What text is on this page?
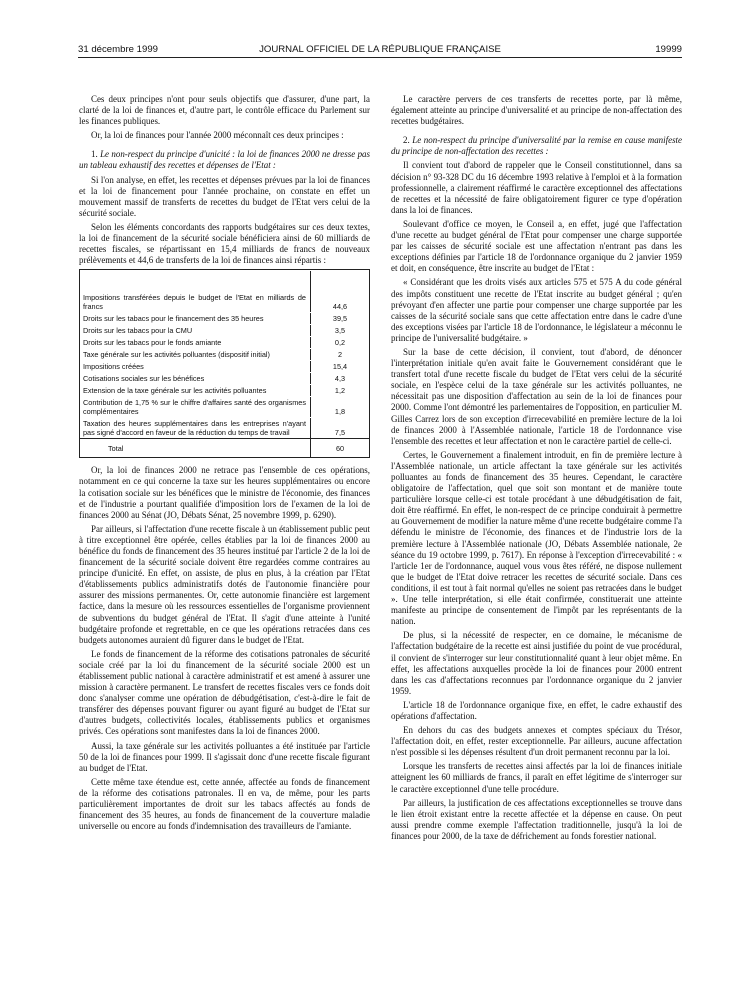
31 décembre 1999	JOURNAL OFFICIEL DE LA RÉPUBLIQUE FRANÇAISE	19999

Ces deux principes n'ont pour seuls objectifs que d'assurer, d'une part, la clarté de la loi de finances et, d'autre part, le contrôle efficace du Parlement sur les finances publiques.

Or, la loi de finances pour l'année 2000 méconnaît ces deux principes :

1. Le non-respect du principe d'unicité : la loi de finances 2000 ne dresse pas un tableau exhaustif des recettes et dépenses de l'Etat :

Si l'on analyse, en effet, les recettes et dépenses prévues par la loi de finances et la loi de financement pour l'année prochaine, on constate en effet un mouvement massif de transferts de recettes du budget de l'Etat vers celui de la sécurité sociale.

Selon les éléments concordants des rapports budgétaires sur ces deux textes, la loi de financement de la sécurité sociale bénéficiera ainsi de 60 milliards de recettes fiscales, se répartissant en 15,4 milliards de francs de nouveaux prélèvements et 44,6 de transferts de la loi de finances ainsi répartis :

Impositions transférées depuis le budget de l'Etat en milliards de francs	44,6
Droits sur les tabacs pour le financement des 35 heures	39,5
Droits sur les tabacs pour la CMU	3,5
Droits sur les tabacs pour le fonds amiante	0,2
Taxe générale sur les activités polluantes (dispositif initial)	2
Impositions créées	15,4
Cotisations sociales sur les bénéfices	4,3
Extension de la taxe générale sur les activités polluantes	1,2
Contribution de 1,75 % sur le chiffre d'affaires santé des organismes complémentaires	1,8
Taxation des heures supplémentaires dans les entreprises n'ayant pas signé d'accord en faveur de la réduction du temps de travail	7,5
Total	60

Or, la loi de finances 2000 ne retrace pas l'ensemble de ces opérations, notamment en ce qui concerne la taxe sur les heures supplémentaires ou encore la cotisation sociale sur les bénéfices que le ministre de l'économie, des finances et de l'industrie a pourtant qualifiée d'imposition lors de l'examen de la loi de finances 2000 au Sénat (JO, Débats Sénat, 25 novembre 1999, p. 6290).

Par ailleurs, si l'affectation d'une recette fiscale à un établissement public peut à titre exceptionnel être opérée, celles établies par la loi de finances 2000 au bénéfice du fonds de financement des 35 heures institué par l'article 2 de la loi de financement de la sécurité sociale doivent être regardées comme contraires au principe d'unicité. En effet, on assiste, de plus en plus, à la création par l'Etat d'établissements publics administratifs dotés de l'autonomie financière pour assurer des missions permanentes. Or, cette autonomie financière est largement factice, dans la mesure où les ressources essentielles de l'organisme proviennent de subventions du budget général de l'Etat. Il s'agit d'une atteinte à l'unité budgétaire profonde et regrettable, en ce que les opérations retracées dans ces budgets autonomes auraient dû figurer dans le budget de l'Etat.

Le fonds de financement de la réforme des cotisations patronales de sécurité sociale créé par la loi du financement de la sécurité sociale 2000 est un établissement public national à caractère administratif et est amené à assurer une mission à caractère permanent. Le transfert de recettes fiscales vers ce fonds doit donc s'analyser comme une opération de débudgétisation, c'est-à-dire le fait de transférer des dépenses pouvant figurer ou ayant figuré au budget de l'Etat sur d'autres budgets, collectivités locales, établissements publics et organismes privés. Ces opérations sont manifestes dans la loi de finances 2000.

Aussi, la taxe générale sur les activités polluantes a été instituée par l'article 50 de la loi de finances pour 1999. Il s'agissait donc d'une recette fiscale figurant au budget de l'Etat.

Cette même taxe étendue est, cette année, affectée au fonds de financement de la réforme des cotisations patronales. Il en va, de même, pour les parts particulièrement importantes de droit sur les tabacs affectés au fonds de financement des 35 heures, au fonds de financement de la couverture maladie universelle ou encore au fonds d'indemnisation des travailleurs de l'amiante.

Le caractère pervers de ces transferts de recettes porte, par là même, également atteinte au principe d'universalité et au principe de non-affectation des recettes budgétaires.

2. Le non-respect du principe d'universalité par la remise en cause manifeste du principe de non-affectation des recettes :

Il convient tout d'abord de rappeler que le Conseil constitutionnel, dans sa décision n° 93-328 DC du 16 décembre 1993 relative à l'emploi et à la formation professionnelle, a clairement réaffirmé le caractère exceptionnel des affectations de recettes et la nécessité de faire obligatoirement figurer ce type d'opération dans la loi de finances.

Soulevant d'office ce moyen, le Conseil a, en effet, jugé que l'affectation d'une recette au budget général de l'Etat pour compenser une charge supportée par les caisses de sécurité sociale est une affectation n'entrant pas dans les exceptions définies par l'article 18 de l'ordonnance organique du 2 janvier 1959 et doit, en conséquence, être inscrite au budget de l'Etat :

« Considérant que les droits visés aux articles 575 et 575 A du code général des impôts constituent une recette de l'Etat inscrite au budget général ; qu'en prévoyant d'en affecter une partie pour compenser une charge supportée par les caisses de la sécurité sociale sans que cette affectation entre dans le cadre d'une des exceptions visées par l'article 18 de l'ordonnance, le législateur a méconnu le principe de l'universalité budgétaire. »

Sur la base de cette décision, il convient, tout d'abord, de dénoncer l'interprétation initiale qu'en avait faite le Gouvernement considérant que le transfert total d'une recette fiscale du budget de l'Etat vers celui de la sécurité sociale, en l'espèce celui de la taxe générale sur les activités polluantes, ne nécessitait pas une disposition d'affectation au sein de la loi de finances pour 2000. Comme l'ont démontré les parlementaires de l'opposition, en particulier M. Gilles Carrez lors de son exception d'irrecevabilité en première lecture de la loi de finances 2000 à l'Assemblée nationale, l'article 18 de l'ordonnance vise l'ensemble des recettes et leur affectation et non le caractère partiel de celle-ci.

Certes, le Gouvernement a finalement introduit, en fin de première lecture à l'Assemblée nationale, un article affectant la taxe générale sur les activités polluantes au fonds de financement des 35 heures. Cependant, le caractère obligatoire de l'affectation, quel que soit son montant et de manière toute particulière lorsque celle-ci est totale procédant à une débudgétisation de fait, doit être réaffirmé. En effet, le non-respect de ce principe conduirait à permettre au Gouvernement de modifier la nature même d'une recette budgétaire comme l'a défendu le ministre de l'économie, des finances et de l'industrie lors de la première lecture à l'Assemblée nationale (JO, Débats Assemblée nationale, 2e séance du 19 octobre 1999, p. 7617). En réponse à l'exception d'irrecevabilité : « l'article 1er de l'ordonnance, auquel vous vous êtes référé, ne dispose nullement que le budget de l'Etat doive retracer les recettes de sécurité sociale. Dans ces conditions, il est tout à fait normal qu'elles ne soient pas retracées dans le budget ». Une telle interprétation, si elle était confirmée, constituerait une atteinte manifeste au principe de consentement de l'impôt par les représentants de la nation.

De plus, si la nécessité de respecter, en ce domaine, le mécanisme de l'affectation budgétaire de la recette est ainsi justifiée du point de vue procédural, il convient de s'interroger sur leur constitutionnalité quant à leur objet même. En effet, les affectations auxquelles procède la loi de finances pour 2000 entrent dans les cas d'affectations reconnues par l'ordonnance organique du 2 janvier 1959.

L'article 18 de l'ordonnance organique fixe, en effet, le cadre exhaustif des opérations d'affectation.

En dehors du cas des budgets annexes et comptes spéciaux du Trésor, l'affectation doit, en effet, rester exceptionnelle. Par ailleurs, aucune affectation n'est possible si les dépenses résultent d'un droit permanent reconnu par la loi.

Lorsque les transferts de recettes ainsi affectés par la loi de finances initiale atteignent les 60 milliards de francs, il paraît en effet légitime de s'interroger sur le caractère exceptionnel d'une telle procédure.

Par ailleurs, la justification de ces affectations exceptionnelles se trouve dans le lien étroit existant entre la recette affectée et la dépense en cause. On peut aussi prendre comme exemple l'affectation traditionnelle, jusqu'à la loi de finances pour 2000, de la taxe de défrichement au fonds forestier national.
